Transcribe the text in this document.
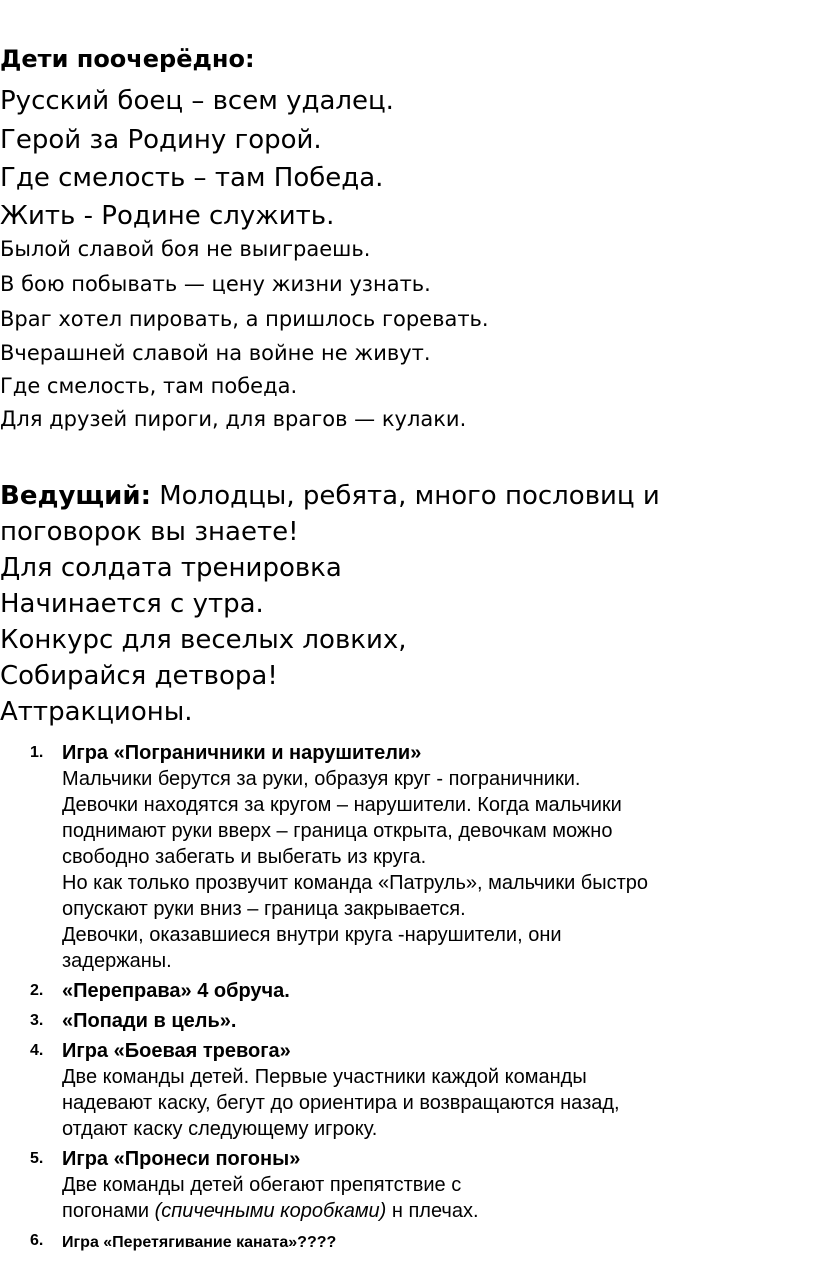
Дети поочерёдно:
Русский боец – всем удалец.
Герой за Родину горой.
Где смелость – там Победа.
Жить - Родине служить.
Былой славой боя не выиграешь.
В бою побывать — цену жизни узнать.
Враг хотел пировать, а пришлось горевать.
Вчерашней славой на войне не живут.
Где смелость, там победа.
Для друзей пироги, для врагов — кулаки.
Ведущий: Молодцы, ребята, много пословиц и поговорок вы знаете!
Для солдата тренировка
Начинается с утра.
Конкурс для веселых ловких,
Собирайся детвора!
Аттракционы.
1. Игра «Пограничники и нарушители»
Мальчики берутся за руки, образуя круг - пограничники.
Девочки находятся за кругом – нарушители. Когда мальчики
поднимают руки вверх – граница открыта, девочкам можно
свободно забегать и выбегать из круга.
Но как только прозвучит команда «Патруль», мальчики быстро
опускают руки вниз – граница закрывается.
Девочки, оказавшиеся внутри круга -нарушители, они
задержаны.
2. «Переправа» 4 обруча.
3. «Попади в цель».
4. Игра «Боевая тревога»
Две команды детей. Первые участники каждой команды
надевают каску, бегут до ориентира и возвращаются назад,
отдают каску следующему игроку.
5. Игра «Пронеси погоны»
Две команды детей обегают препятствие с
погонами (спичечными коробками) н плечах.
6. Игра «Перетягивание каната»????
